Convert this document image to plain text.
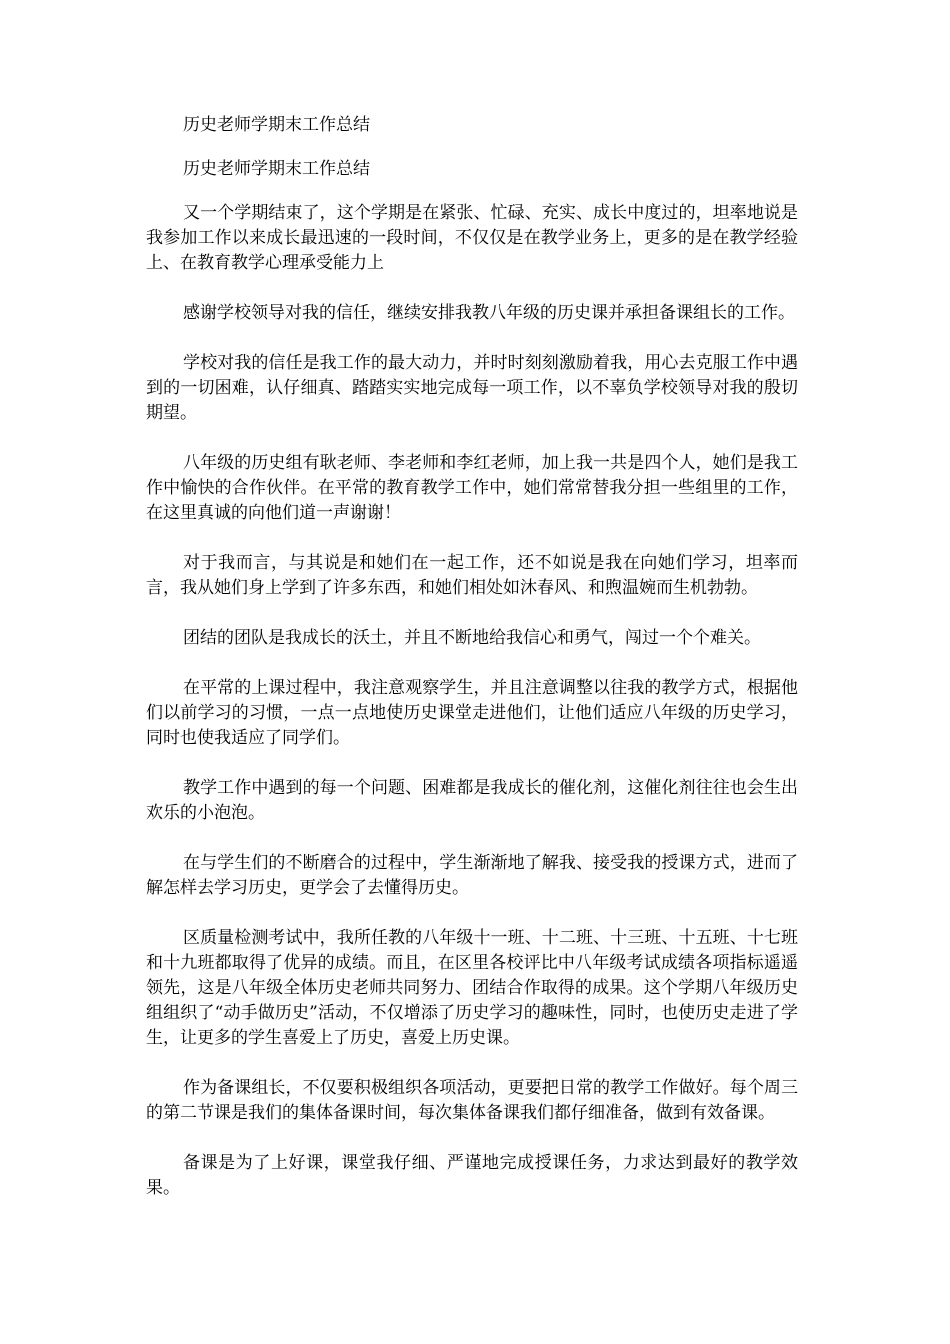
历史老师学期末工作总结

历史老师学期末工作总结

又一个学期结束了，这个学期是在紧张、忙碌、充实、成长中度过的，坦率地说是我参加工作以来成长最迅速的一段时间，不仅仅是在教学业务上，更多的是在教学经验上、在教育教学心理承受能力上

感谢学校领导对我的信任，继续安排我教八年级的历史课并承担备课组长的工作。

学校对我的信任是我工作的最大动力，并时时刻刻激励着我，用心去克服工作中遇到的一切困难，认仔细真、踏踏实实地完成每一项工作，以不辜负学校领导对我的殷切期望。

八年级的历史组有耿老师、李老师和李红老师，加上我一共是四个人，她们是我工作中愉快的合作伙伴。在平常的教育教学工作中，她们常常替我分担一些组里的工作，在这里真诚的向他们道一声谢谢！

对于我而言，与其说是和她们在一起工作，还不如说是我在向她们学习，坦率而言，我从她们身上学到了许多东西，和她们相处如沐春风、和煦温婉而生机勃勃。

团结的团队是我成长的沃土，并且不断地给我信心和勇气，闯过一个个难关。

在平常的上课过程中，我注意观察学生，并且注意调整以往我的教学方式，根据他们以前学习的习惯，一点一点地使历史课堂走进他们，让他们适应八年级的历史学习，同时也使我适应了同学们。

教学工作中遇到的每一个问题、困难都是我成长的催化剂，这催化剂往往也会生出欢乐的小泡泡。

在与学生们的不断磨合的过程中，学生渐渐地了解我、接受我的授课方式，进而了解怎样去学习历史，更学会了去懂得历史。

区质量检测考试中，我所任教的八年级十一班、十二班、十三班、十五班、十七班和十九班都取得了优异的成绩。而且，在区里各校评比中八年级考试成绩各项指标遥遥领先，这是八年级全体历史老师共同努力、团结合作取得的成果。这个学期八年级历史组组织了“动手做历史”活动，不仅增添了历史学习的趣味性，同时，也使历史走进了学生，让更多的学生喜爱上了历史，喜爱上历史课。

作为备课组长，不仅要积极组织各项活动，更要把日常的教学工作做好。每个周三的第二节课是我们的集体备课时间，每次集体备课我们都仔细准备，做到有效备课。

备课是为了上好课，课堂我仔细、严谨地完成授课任务，力求达到最好的教学效果。
